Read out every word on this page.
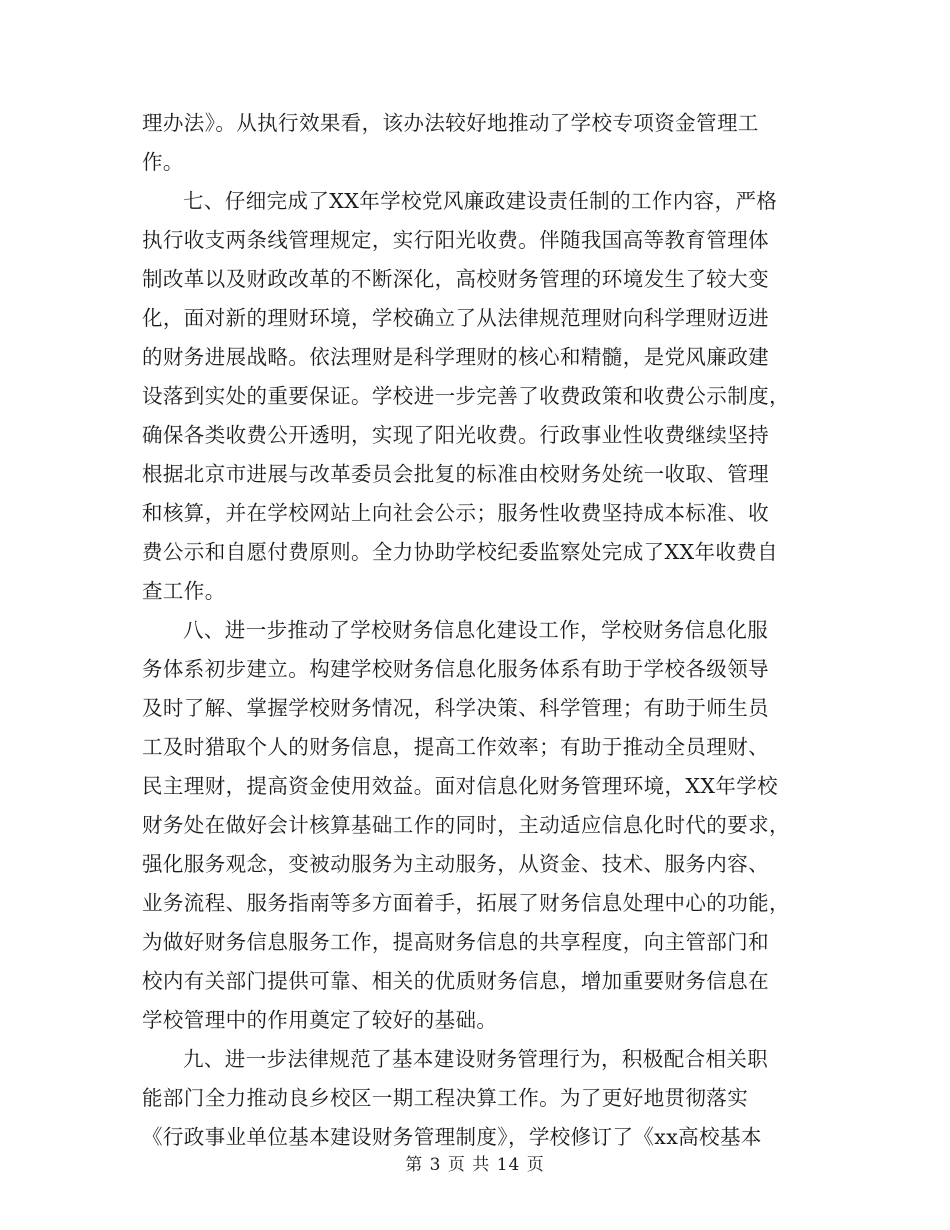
理办法》。从执行效果看，该办法较好地推动了学校专项资金管理工
作。
七、仔细完成了XX年学校党风廉政建设责任制的工作内容，严格
执行收支两条线管理规定，实行阳光收费。伴随我国高等教育管理体
制改革以及财政改革的不断深化，高校财务管理的环境发生了较大变
化，面对新的理财环境，学校确立了从法律规范理财向科学理财迈进
的财务进展战略。依法理财是科学理财的核心和精髓，是党风廉政建
设落到实处的重要保证。学校进一步完善了收费政策和收费公示制度，
确保各类收费公开透明，实现了阳光收费。行政事业性收费继续坚持
根据北京市进展与改革委员会批复的标准由校财务处统一收取、管理
和核算，并在学校网站上向社会公示；服务性收费坚持成本标准、收
费公示和自愿付费原则。全力协助学校纪委监察处完成了XX年收费自
查工作。
八、进一步推动了学校财务信息化建设工作，学校财务信息化服
务体系初步建立。构建学校财务信息化服务体系有助于学校各级领导
及时了解、掌握学校财务情况，科学决策、科学管理；有助于师生员
工及时猎取个人的财务信息，提高工作效率；有助于推动全员理财、
民主理财，提高资金使用效益。面对信息化财务管理环境，XX年学校
财务处在做好会计核算基础工作的同时，主动适应信息化时代的要求，
强化服务观念，变被动服务为主动服务，从资金、技术、服务内容、
业务流程、服务指南等多方面着手，拓展了财务信息处理中心的功能，
为做好财务信息服务工作，提高财务信息的共享程度，向主管部门和
校内有关部门提供可靠、相关的优质财务信息，增加重要财务信息在
学校管理中的作用奠定了较好的基础。
九、进一步法律规范了基本建设财务管理行为，积极配合相关职
能部门全力推动良乡校区一期工程决算工作。为了更好地贯彻落实
《行政事业单位基本建设财务管理制度》，学校修订了《xx高校基本
第 3 页 共 14 页
